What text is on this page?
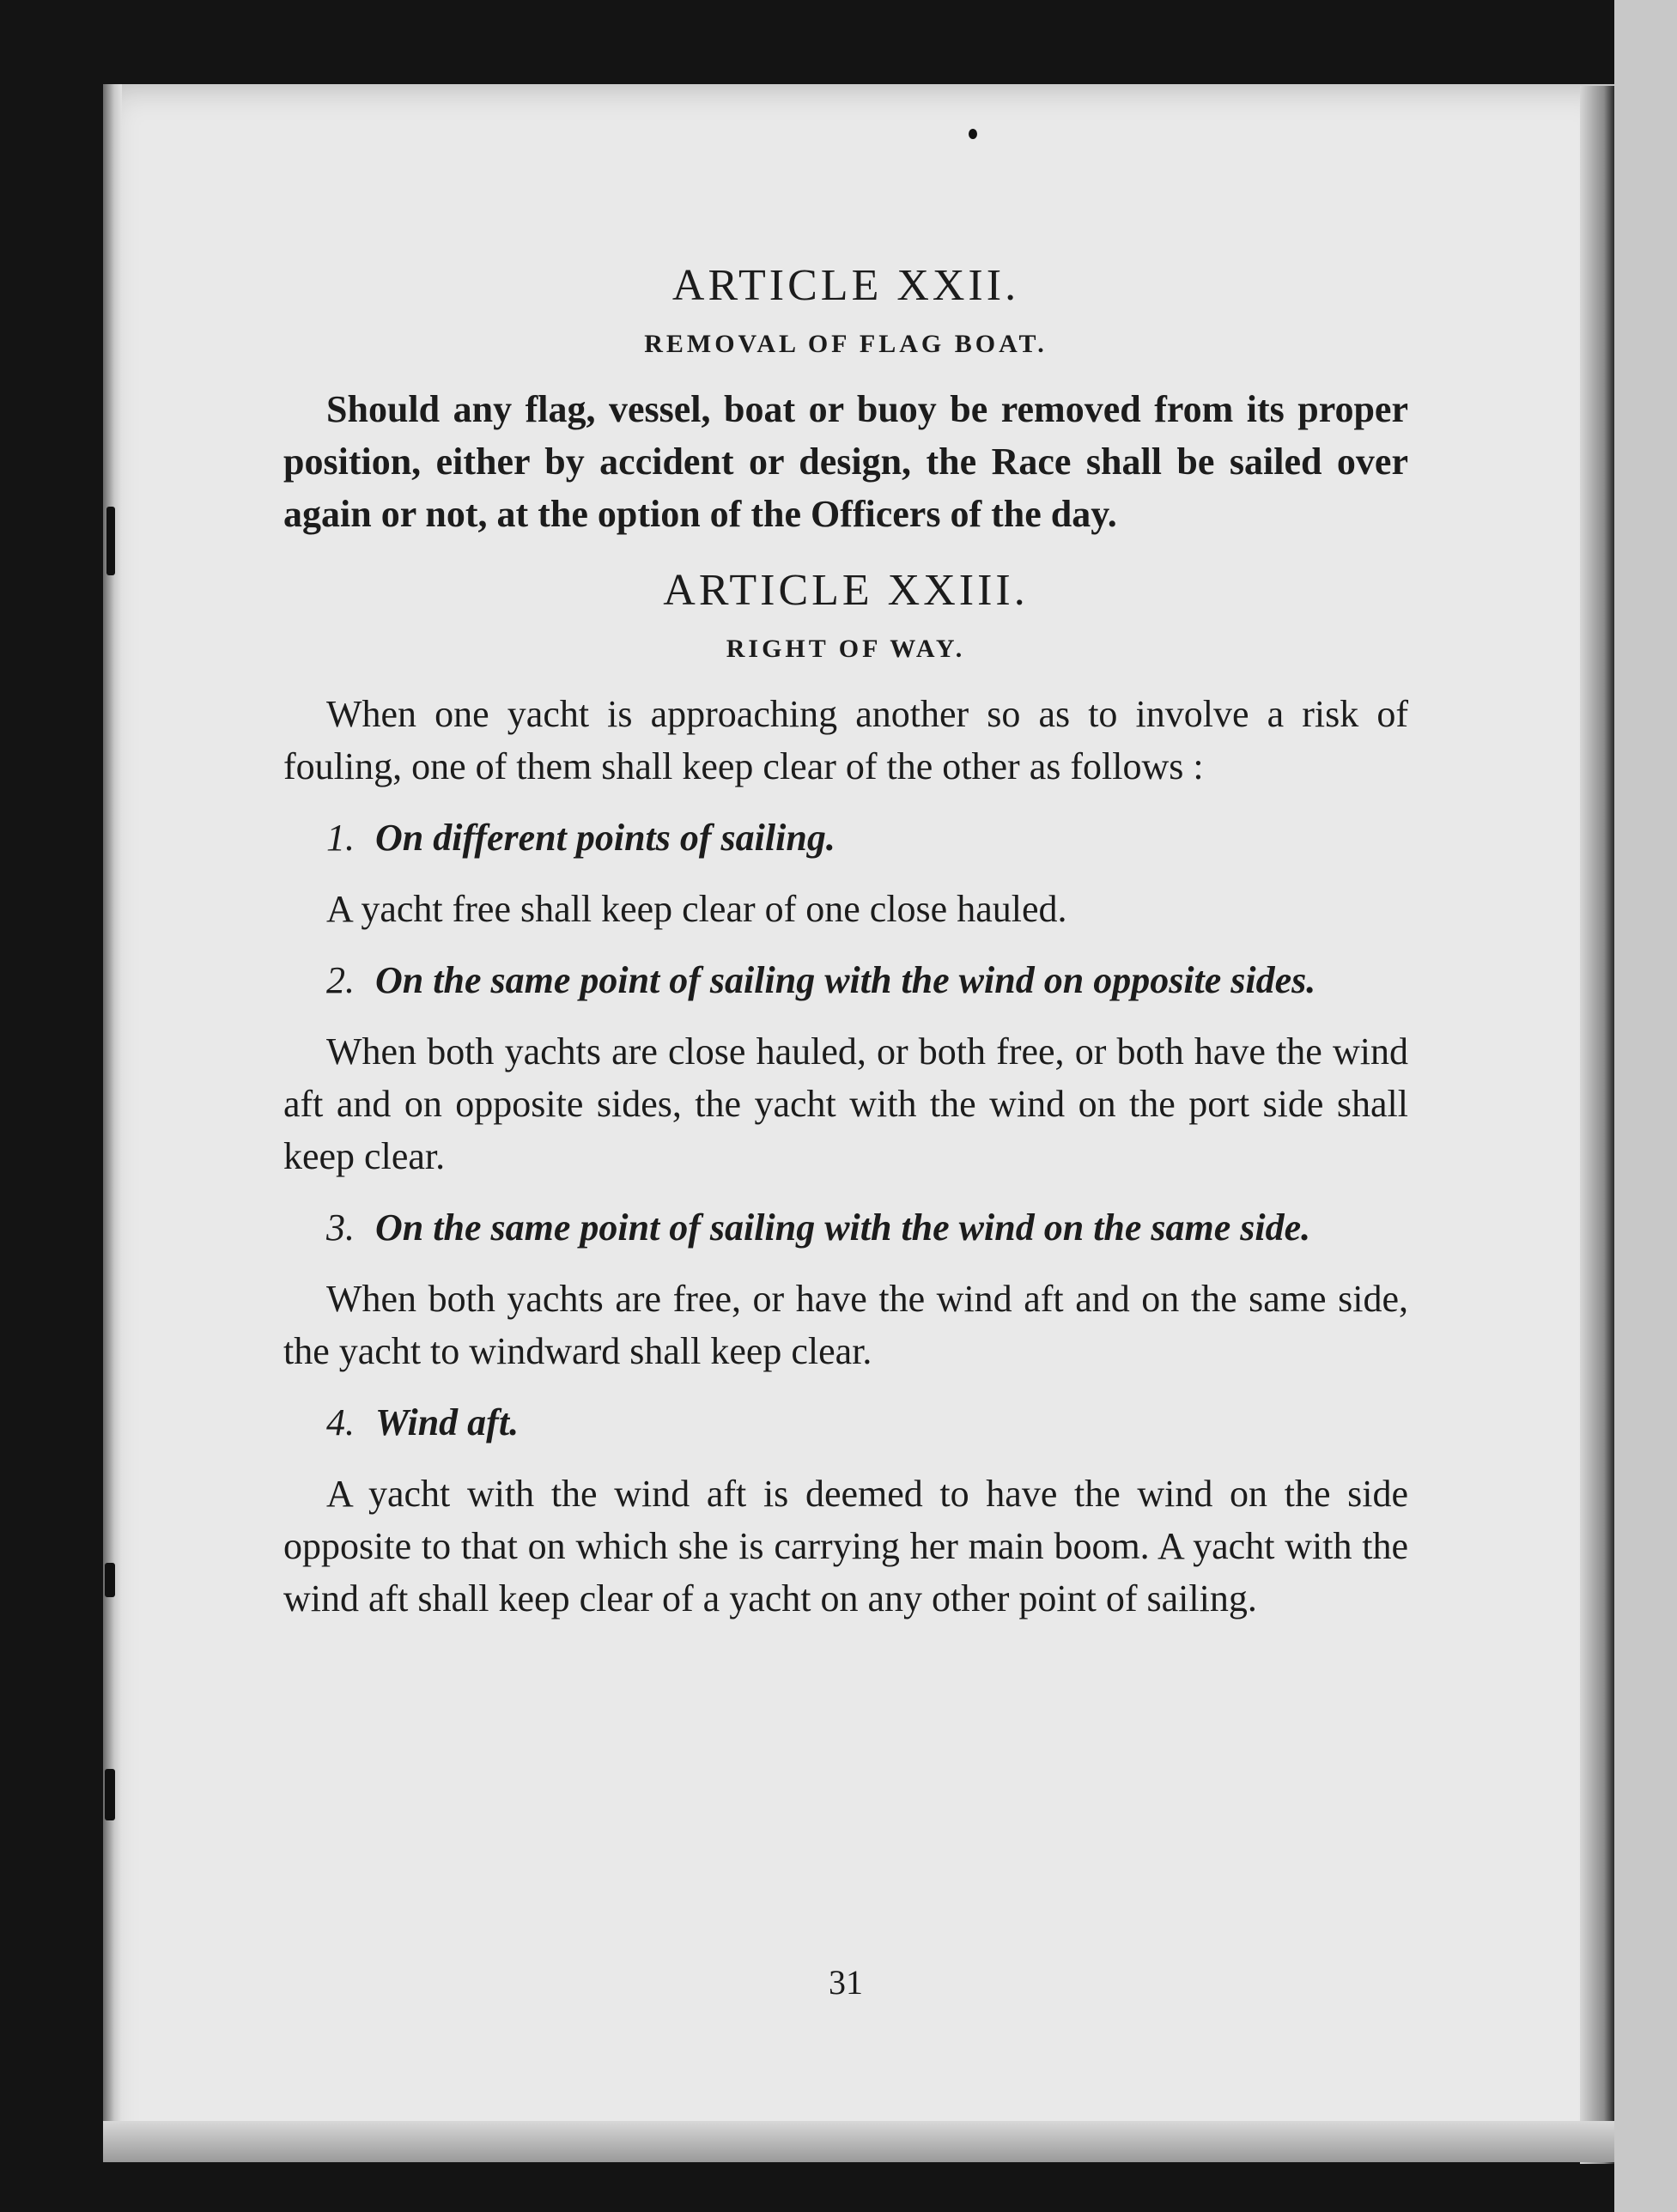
ARTICLE XXII.
REMOVAL OF FLAG BOAT.

Should any flag, vessel, boat or buoy be removed from its proper position, either by accident or design, the Race shall be sailed over again or not, at the option of the Officers of the day.

ARTICLE XXIII.
RIGHT OF WAY.

When one yacht is approaching another so as to involve a risk of fouling, one of them shall keep clear of the other as follows :

1. On different points of sailing.

A yacht free shall keep clear of one close hauled.

2. On the same point of sailing with the wind on opposite sides.

When both yachts are close hauled, or both free, or both have the wind aft and on opposite sides, the yacht with the wind on the port side shall keep clear.

3. On the same point of sailing with the wind on the same side.

When both yachts are free, or have the wind aft and on the same side, the yacht to windward shall keep clear.

4. Wind aft.

A yacht with the wind aft is deemed to have the wind on the side opposite to that on which she is carrying her main boom. A yacht with the wind aft shall keep clear of a yacht on any other point of sailing.

31
